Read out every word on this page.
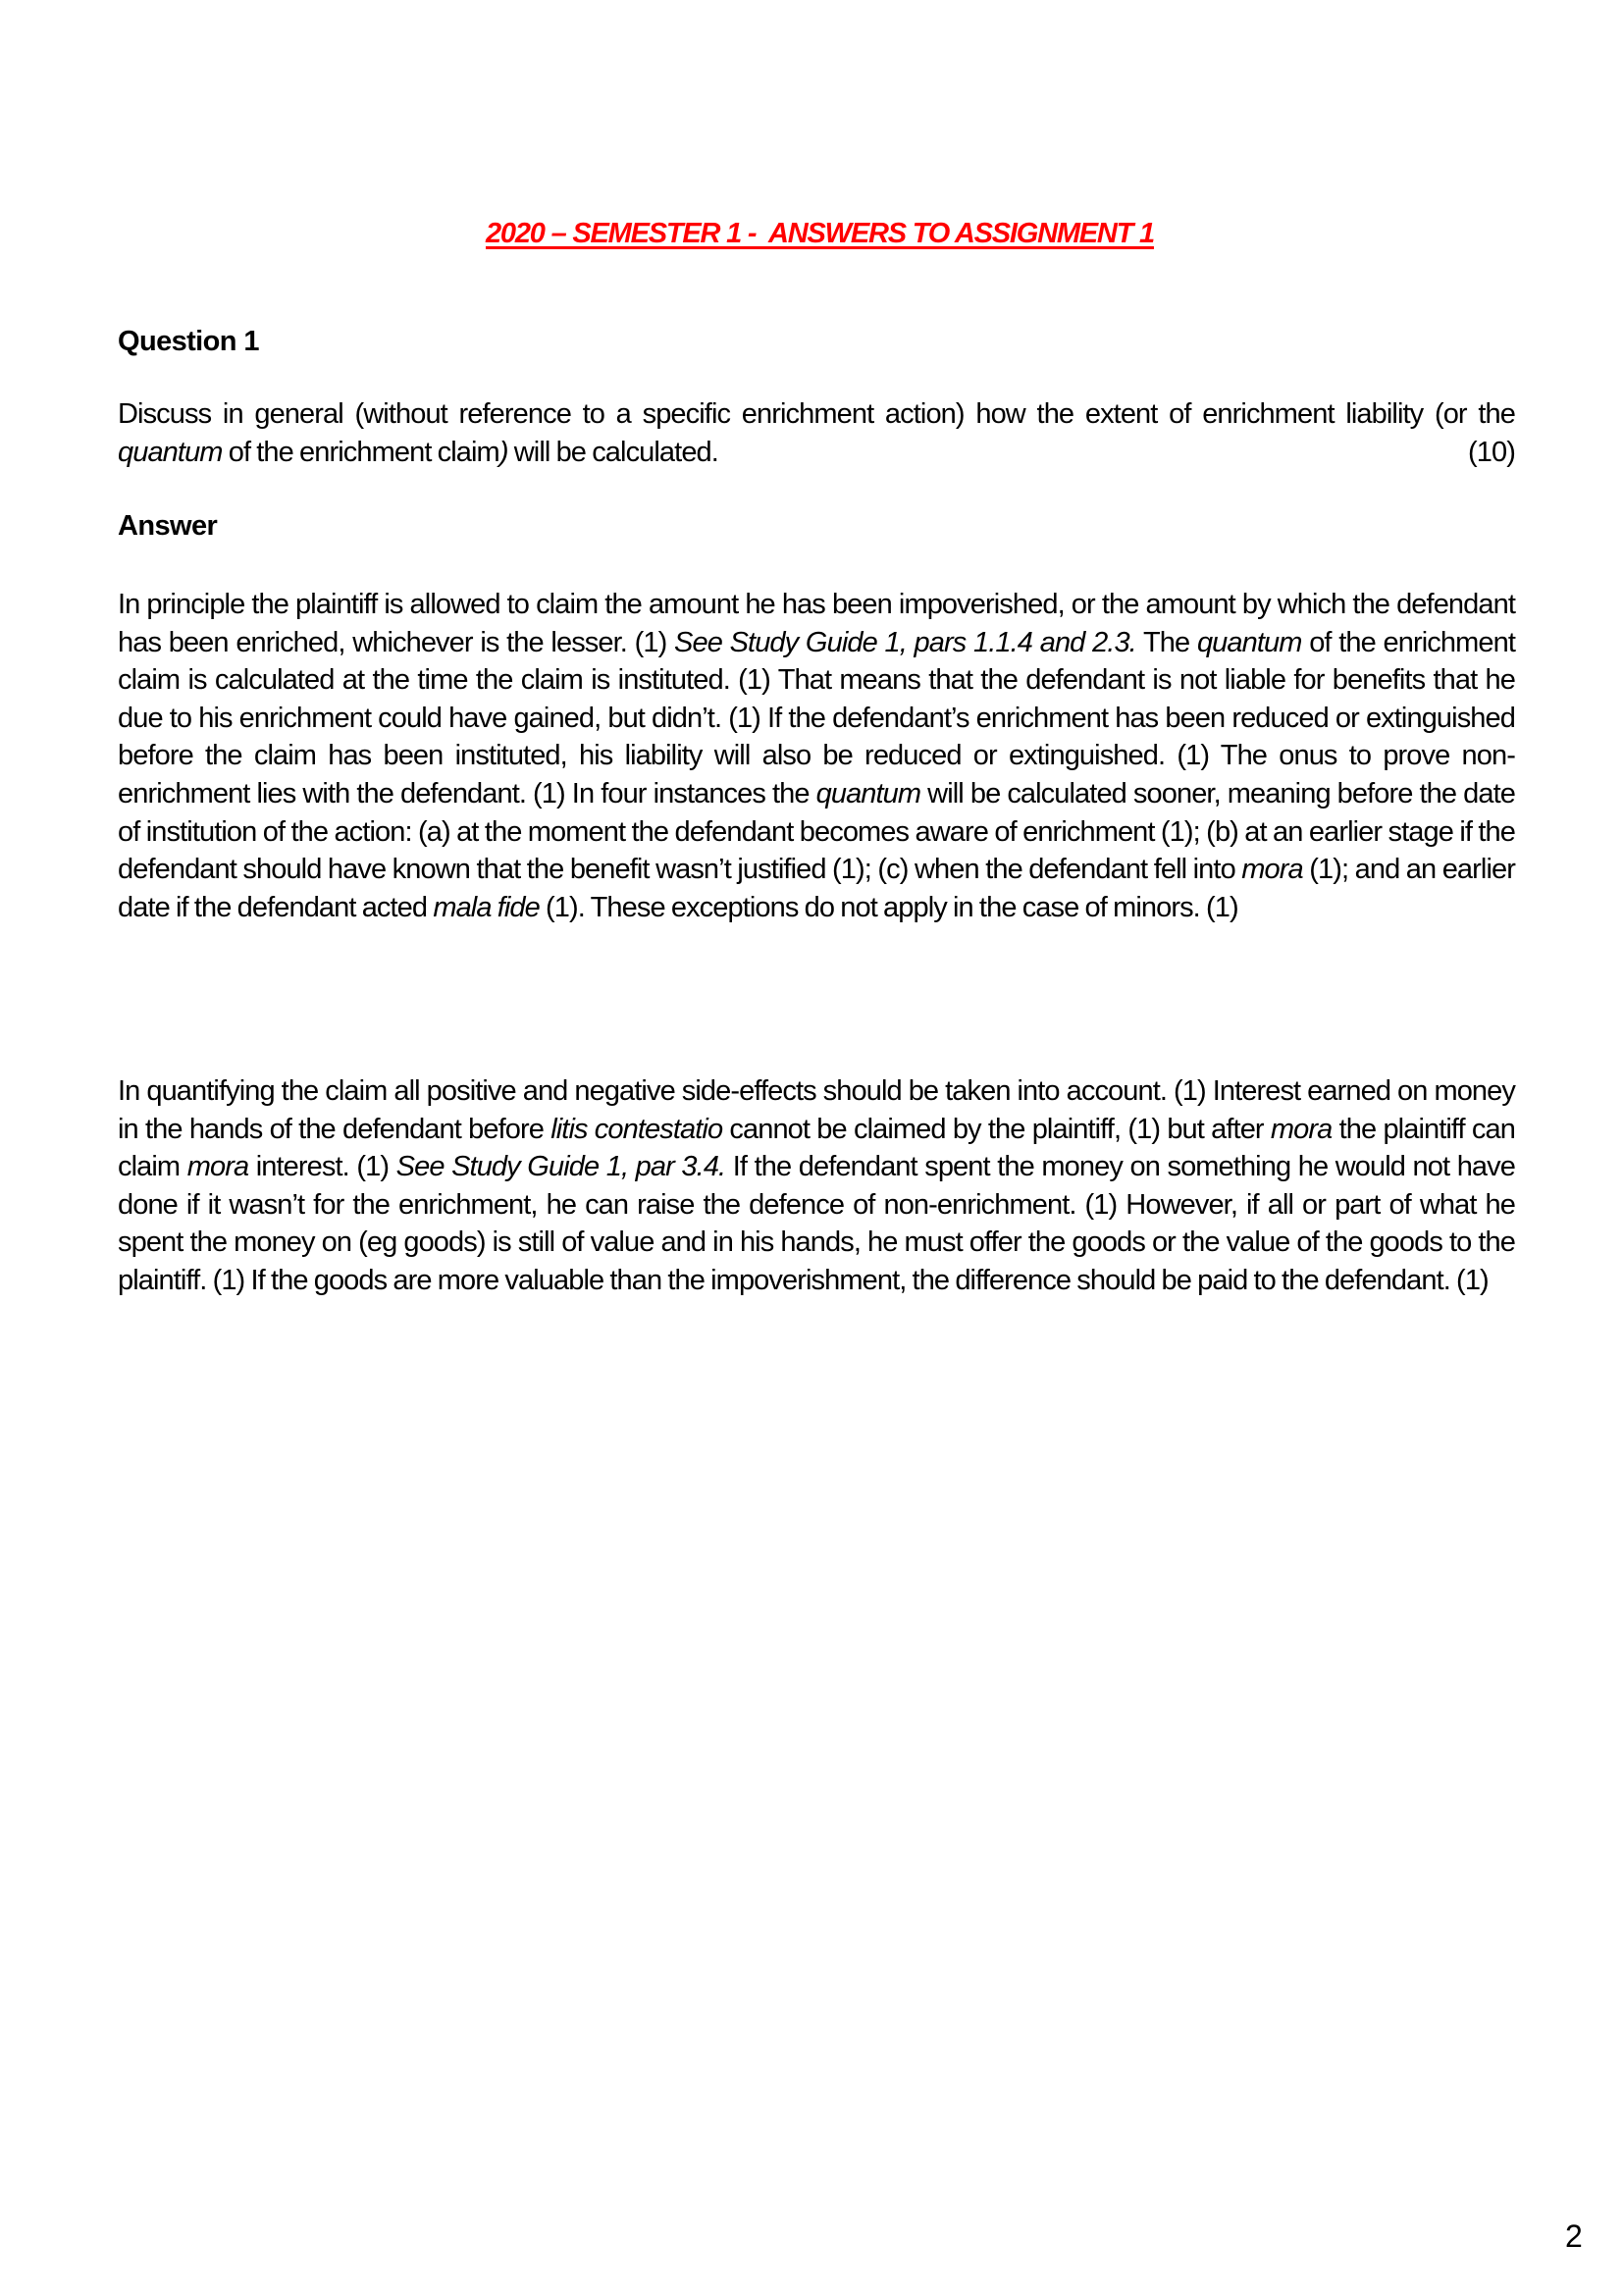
2020 – SEMESTER 1 -  ANSWERS TO ASSIGNMENT 1
Question 1
Discuss in general (without reference to a specific enrichment action) how the extent of enrichment liability (or the quantum of the enrichment claim) will be calculated.	(10)
Answer
In principle the plaintiff is allowed to claim the amount he has been impoverished, or the amount by which the defendant has been enriched, whichever is the lesser. (1) See Study Guide 1, pars 1.1.4 and 2.3. The quantum of the enrichment claim is calculated at the time the claim is instituted. (1) That means that the defendant is not liable for benefits that he due to his enrichment could have gained, but didn’t. (1) If the defendant’s enrichment has been reduced or extinguished before the claim has been instituted, his liability will also be reduced or extinguished. (1) The onus to prove non-enrichment lies with the defendant. (1) In four instances the quantum will be calculated sooner, meaning before the date of institution of the action: (a) at the moment the defendant becomes aware of enrichment (1); (b) at an earlier stage if the defendant should have known that the benefit wasn’t justified (1); (c) when the defendant fell into mora (1); and an earlier date if the defendant acted mala fide (1). These exceptions do not apply in the case of minors. (1)
In quantifying the claim all positive and negative side-effects should be taken into account. (1) Interest earned on money in the hands of the defendant before litis contestatio cannot be claimed by the plaintiff, (1) but after mora the plaintiff can claim mora interest. (1) See Study Guide 1, par 3.4. If the defendant spent the money on something he would not have done if it wasn’t for the enrichment, he can raise the defence of non-enrichment. (1) However, if all or part of what he spent the money on (eg goods) is still of value and in his hands, he must offer the goods or the value of the goods to the plaintiff. (1) If the goods are more valuable than the impoverishment, the difference should be paid to the defendant. (1)
2
